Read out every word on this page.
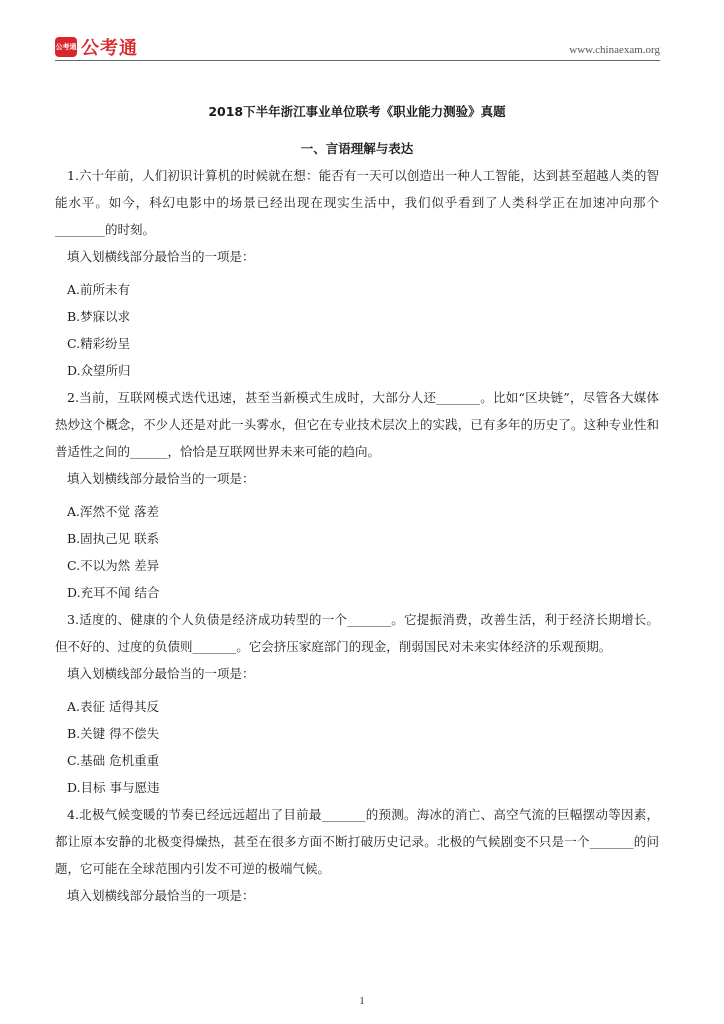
公考通 公考通	www.chinaexam.org
2018下半年浙江事业单位联考《职业能力测验》真题
一、言语理解与表达

1.六十年前，人们初识计算机的时候就在想：能否有一天可以创造出一种人工智能，达到甚至超越人类的智能水平。如今，科幻电影中的场景已经出现在现实生活中，我们似乎看到了人类科学正在加速冲向那个________的时刻。

填入划横线部分最恰当的一项是：

A.前所未有

B.梦寐以求

C.精彩纷呈

D.众望所归

2.当前，互联网模式迭代迅速，甚至当新模式生成时，大部分人还_______。比如“区块链”，尽管各大媒体热炒这个概念，不少人还是对此一头雾水，但它在专业技术层次上的实践，已有多年的历史了。这种专业性和普适性之间的______，恰恰是互联网世界未来可能的趋向。

填入划横线部分最恰当的一项是：

A.浑然不觉 落差

B.固执己见 联系

C.不以为然 差异

D.充耳不闻 结合

3.适度的、健康的个人负债是经济成功转型的一个_______。它提振消费，改善生活，利于经济长期增长。但不好的、过度的负债则_______。它会挤压家庭部门的现金，削弱国民对未来实体经济的乐观预期。

填入划横线部分最恰当的一项是：

A.表征 适得其反

B.关键 得不偿失

C.基础 危机重重

D.目标 事与愿违

4.北极气候变暖的节奏已经远远超出了目前最_______的预测。海冰的消亡、高空气流的巨幅摆动等因素，都让原本安静的北极变得燥热，甚至在很多方面不断打破历史记录。北极的气候剧变不只是一个_______的问题，它可能在全球范围内引发不可逆的极端气候。

填入划横线部分最恰当的一项是：

1
